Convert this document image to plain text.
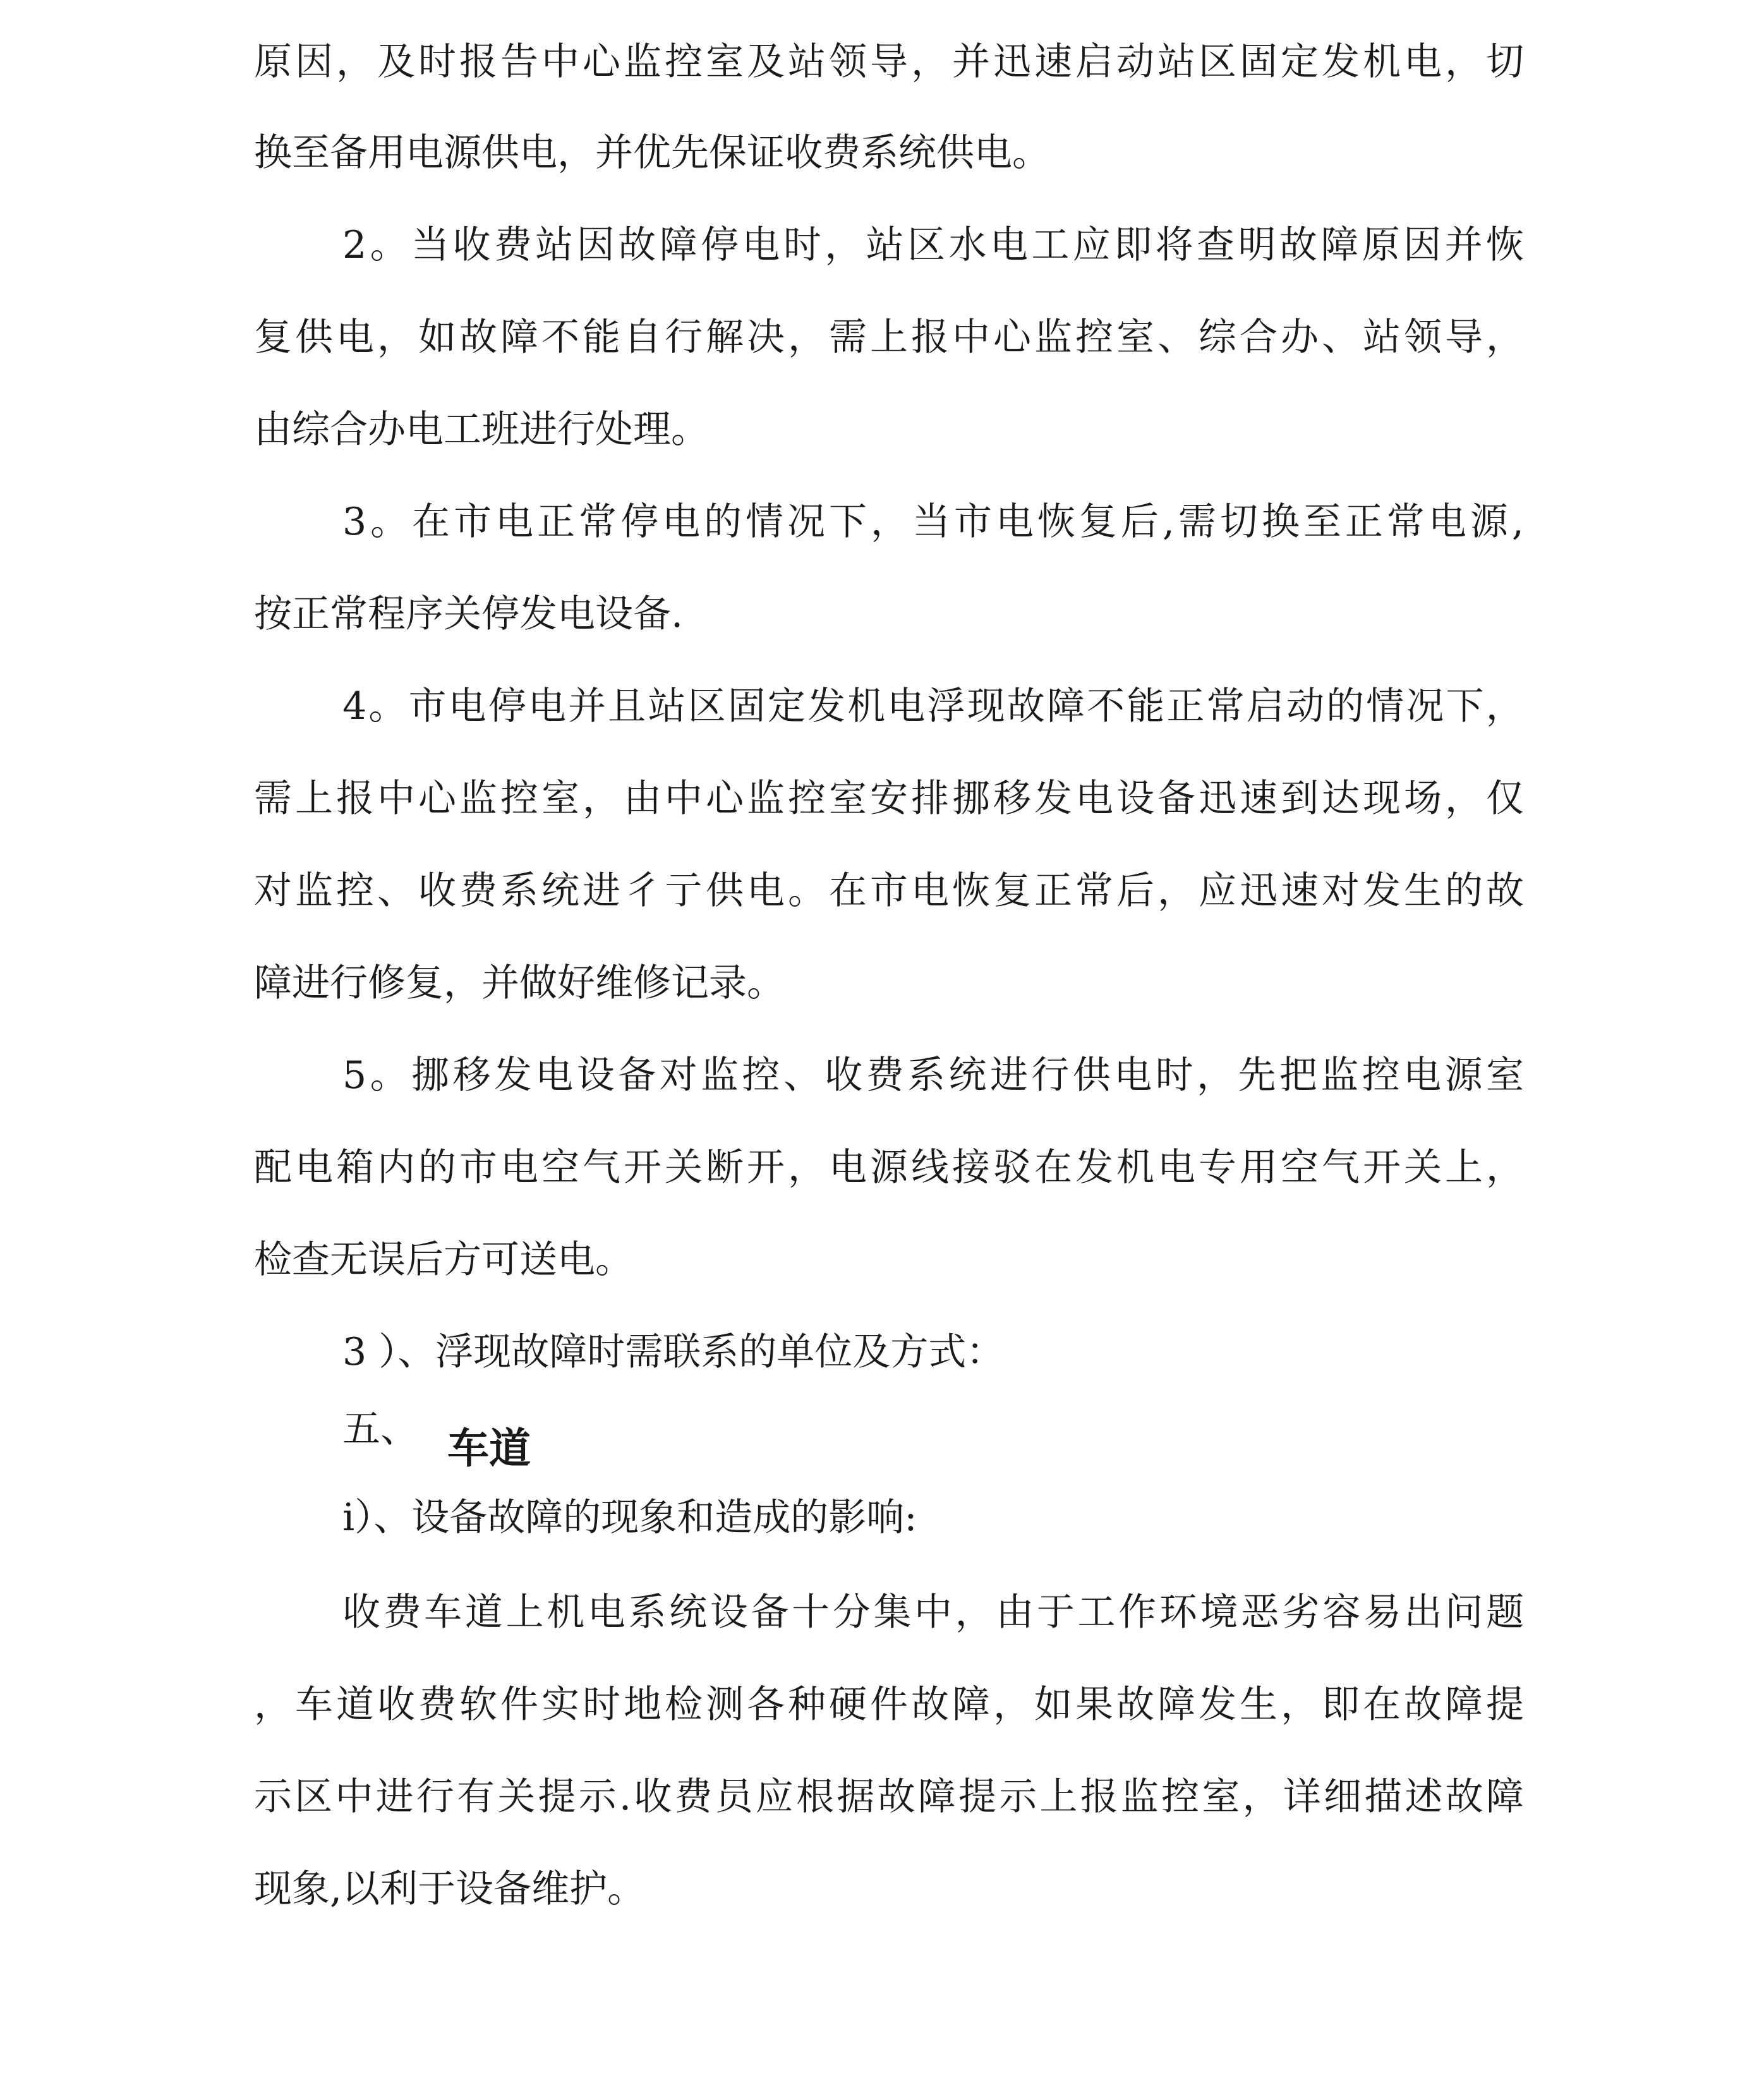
原 因 ， 及 时 报 告 中 心 监 控 室 及 站 领 导 ， 并 迅 速 启 动 站 区 固 定 发 机 电 ， 切
换至备用电源供电，并优先保证收费系统供电。
2 。 当 收 费 站 因 故 障 停 电 时 ， 站 区 水 电 工 应 即 将 查 明 故 障 原 因 并 恢
复 供 电 ， 如 故 障 不 能 自 行 解 决 ， 需 上 报 中 心 监 控 室 、 综 合 办 、 站 领 导 ，
由综合办电工班进行处理。
3 。 在 市 电 正 常 停 电 的 情 况 下 ， 当 市 电 恢 复 后 , 需 切 换 至 正 常 电 源 ,
按正常程序关停发电设备.
4 。 市 电 停 电 并 且 站 区 固 定 发 机 电 浮 现 故 障 不 能 正 常 启 动 的 情 况 下 ，
需 上 报 中 心 监 控 室 ， 由 中 心 监 控 室 安 排 挪 移 发 电 设 备 迅 速 到 达 现 场 ， 仅
对 监 控 、 收 费 系 统 进 彳 亍 供 电 。 在 市 电 恢 复 正 常 后 ， 应 迅 速 对 发 生 的 故
障进行修复，并做好维修记录。
5 。 挪 移 发 电 设 备 对 监 控 、 收 费 系 统 进 行 供 电 时 ， 先 把 监 控 电 源 室
配 电 箱 内 的 市 电 空 气 开 关 断 开 ， 电 源 线 接 驳 在 发 机 电 专 用 空 气 开 关 上 ，
检查无误后方可送电。
3 ）、浮现故障时需联系的单位及方式：
五、 车道
i）、设备故障的现象和造成的影响:
收 费 车 道 上 机 电 系 统 设 备 十 分 集 中 ， 由 于 工 作 环 境 恶 劣 容 易 出 问 题
， 车 道 收 费 软 件 实 时 地 检 测 各 种 硬 件 故 障 ， 如 果 故 障 发 生 ， 即 在 故 障 提
示 区 中 进 行 有 关 提 示 . 收 费 员 应 根 据 故 障 提 示 上 报 监 控 室 ， 详 细 描 述 故 障
现象,以利于设备维护。
